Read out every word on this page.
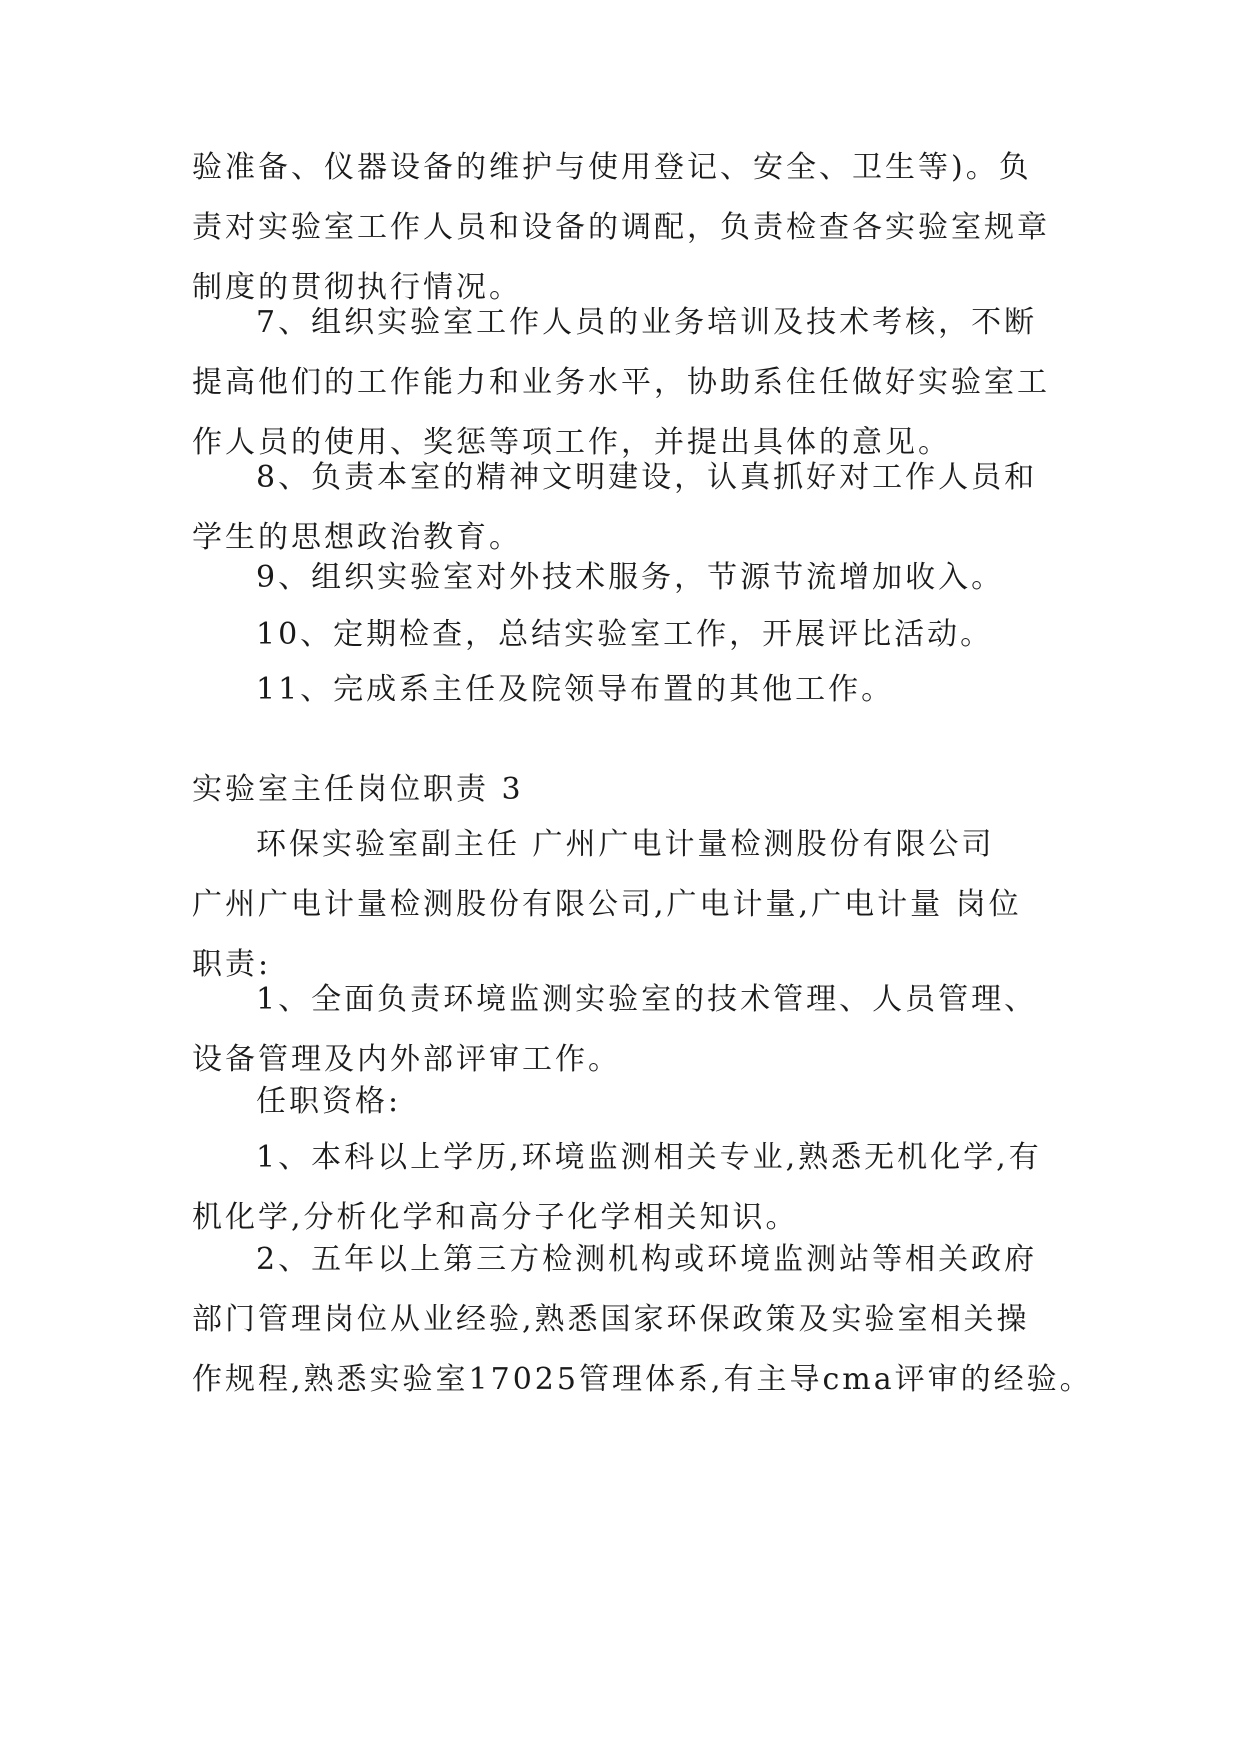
验准备、仪器设备的维护与使用登记、安全、卫生等)。负
责对实验室工作人员和设备的调配，负责检查各实验室规章
制度的贯彻执行情况。
7、组织实验室工作人员的业务培训及技术考核，不断
提高他们的工作能力和业务水平，协助系住任做好实验室工
作人员的使用、奖惩等项工作，并提出具体的意见。
8、负责本室的精神文明建设，认真抓好对工作人员和
学生的思想政治教育。
9、组织实验室对外技术服务，节源节流增加收入。
10、定期检查，总结实验室工作，开展评比活动。
11、完成系主任及院领导布置的其他工作。
实验室主任岗位职责 3
环保实验室副主任 广州广电计量检测股份有限公司
广州广电计量检测股份有限公司,广电计量,广电计量 岗位
职责:
1、全面负责环境监测实验室的技术管理、人员管理、
设备管理及内外部评审工作。
任职资格:
1、本科以上学历,环境监测相关专业,熟悉无机化学,有
机化学,分析化学和高分子化学相关知识。
2、五年以上第三方检测机构或环境监测站等相关政府
部门管理岗位从业经验,熟悉国家环保政策及实验室相关操
作规程,熟悉实验室17025管理体系,有主导cma评审的经验。
